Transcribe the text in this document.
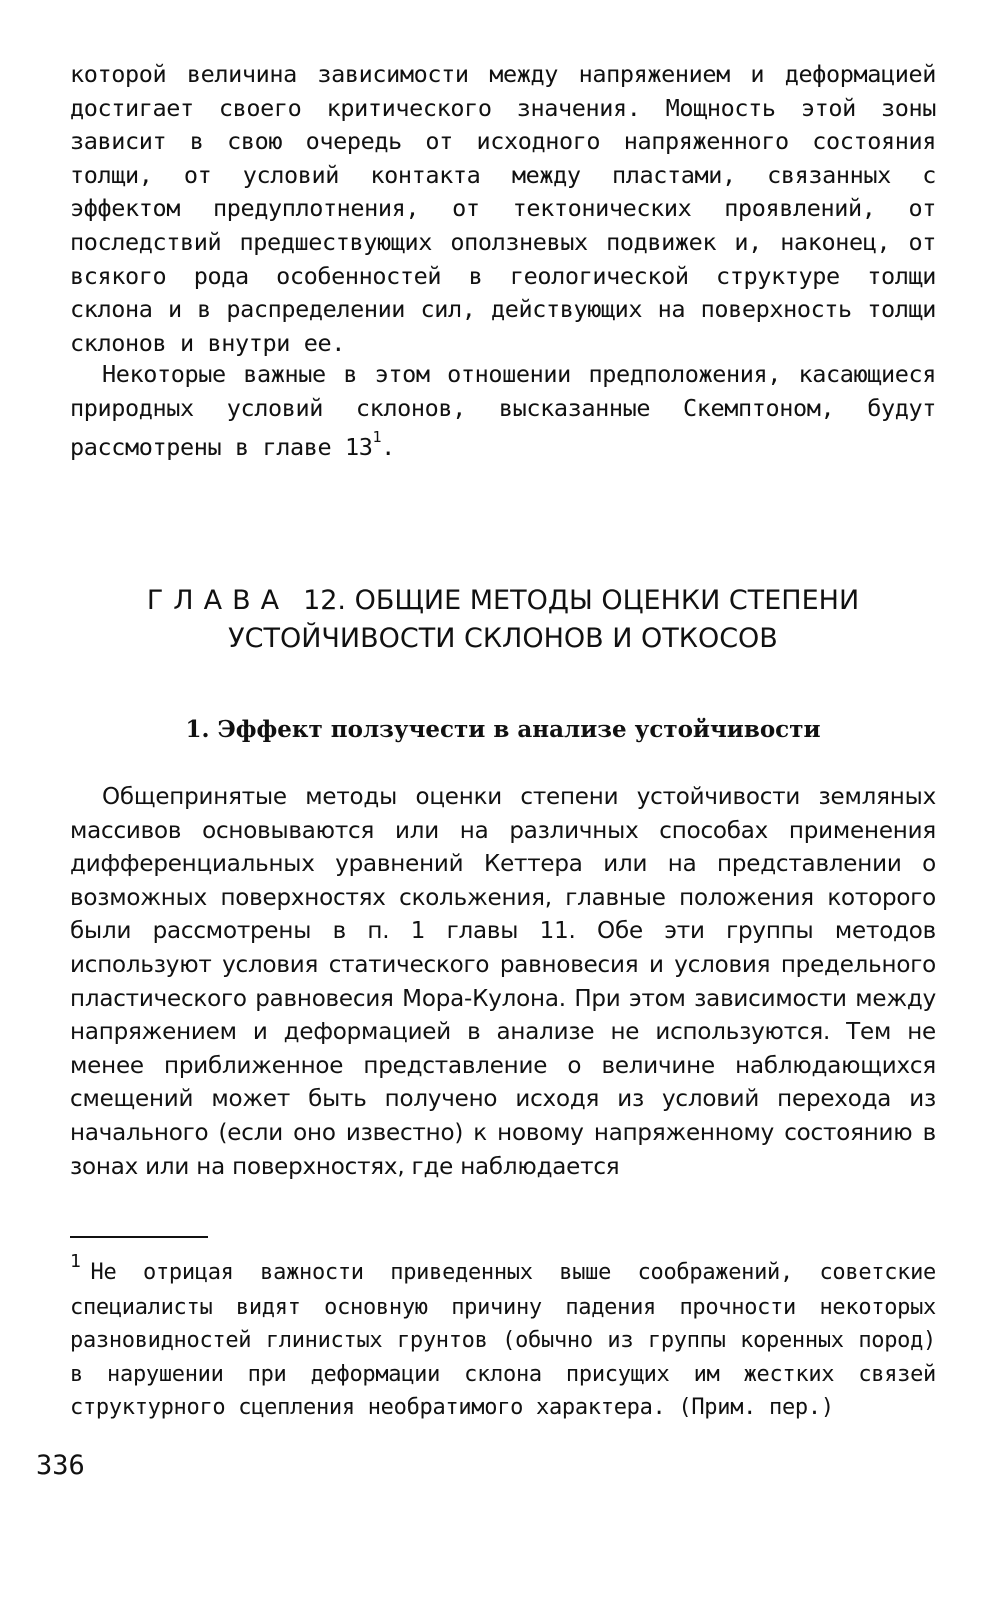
которой величина зависимости между напряжением и деформацией достигает своего критического значения. Мощность этой зоны зависит в свою очередь от исходного напряженного состояния толщи, от условий контакта между пластами, связанных с эффектом предуплотнения, от тектонических проявлений, от последствий предшествующих оползневых подвижек и, наконец, от всякого рода особенностей в геологической структуре толщи склона и в распределении сил, действующих на поверхность толщи склонов и внутри ее.

Некоторые важные в этом отношении предположения, касающиеся природных условий склонов, высказанные Скемптоном, будут рассмотрены в главе 13$^1$.

ГЛАВА 12. ОБЩИЕ МЕТОДЫ ОЦЕНКИ СТЕПЕНИ
УСТОЙЧИВОСТИ СКЛОНОВ И ОТКОСОВ
1. Эффект ползучести в анализе устойчивости

Общепринятые методы оценки степени устойчивости земляных массивов основываются или на различных способах применения дифференциальных уравнений Кеттера или на представлении о возможных поверхностях скольжения, главные положения которого были рассмотрены в п. 1 главы 11. Обе эти группы методов используют условия статического равновесия и условия предельного пластического равновесия Мора-Кулона. При этом зависимости между напряжением и деформацией в анализе не используются. Тем не менее приближенное представление о величине наблюдающихся смещений может быть получено исходя из условий перехода из начального (если оно известно) к новому напряженному состоянию в зонах или на поверхностях, где наблюдается

$^1$ Не отрицая важности приведенных выше соображений, советские специалисты видят основную причину падения прочности некоторых разновидностей глинистых грунтов (обычно из группы коренных пород) в нарушении при деформации склона присущих им жестких связей структурного сцепления необратимого характера. (Прим. пер.)

336
